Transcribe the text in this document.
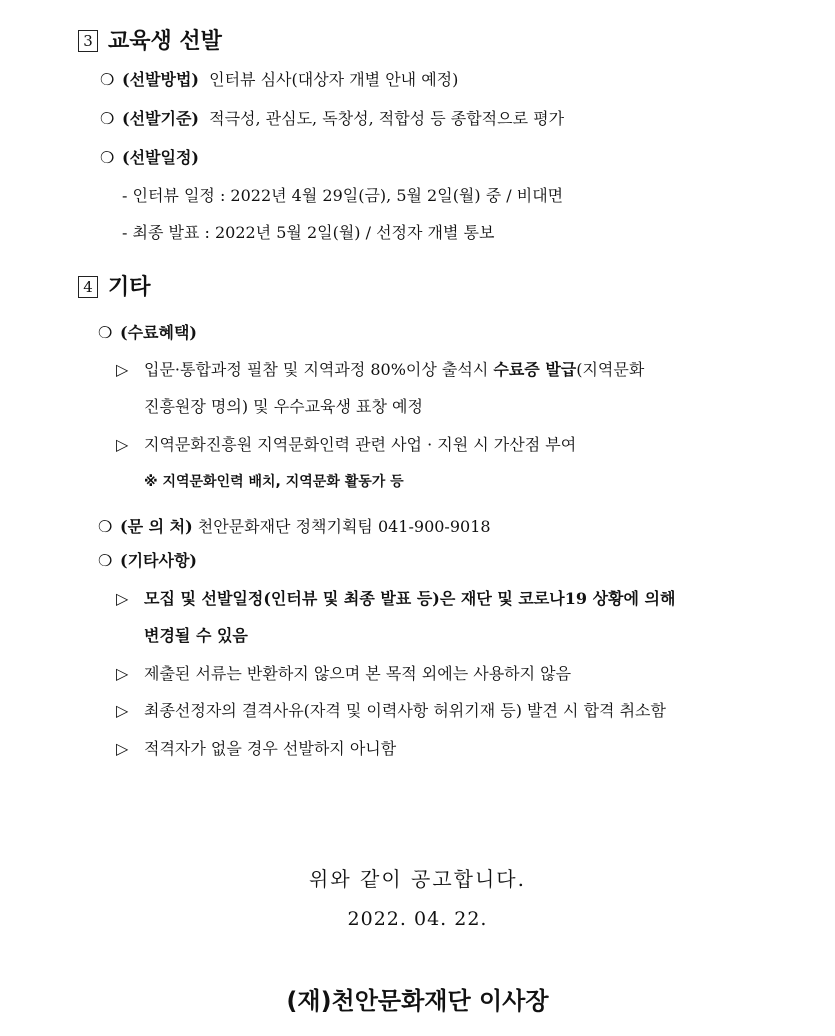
3 교육생 선발
❍ (선발방법) 인터뷰 심사(대상자 개별 안내 예정)
❍ (선발기준) 적극성, 관심도, 독창성, 적합성 등 종합적으로 평가
❍ (선발일정)
- 인터뷰 일정 : 2022년 4월 29일(금), 5월 2일(월) 중 / 비대면
- 최종 발표 : 2022년 5월 2일(월) / 선정자 개별 통보
4 기타
❍ (수료혜택)
▷ 입문·통합과정 필참 및 지역과정 80%이상 출석시 수료증 발급(지역문화
진흥원장 명의) 및 우수교육생 표창 예정
▷ 지역문화진흥원 지역문화인력 관련 사업 · 지원 시 가산점 부여
※ 지역문화인력 배치, 지역문화 활동가 등
❍ (문 의 처) 천안문화재단 정책기획팀 041-900-9018
❍ (기타사항)
▷ 모집 및 선발일정(인터뷰 및 최종 발표 등)은 재단 및 코로나19 상황에 의해
변경될 수 있음
▷ 제출된 서류는 반환하지 않으며 본 목적 외에는 사용하지 않음
▷ 최종선정자의 결격사유(자격 및 이력사항 허위기재 등) 발견 시 합격 취소함
▷ 적격자가 없을 경우 선발하지 아니함
위와 같이 공고합니다.
2022. 04. 22.
(재)천안문화재단 이사장
